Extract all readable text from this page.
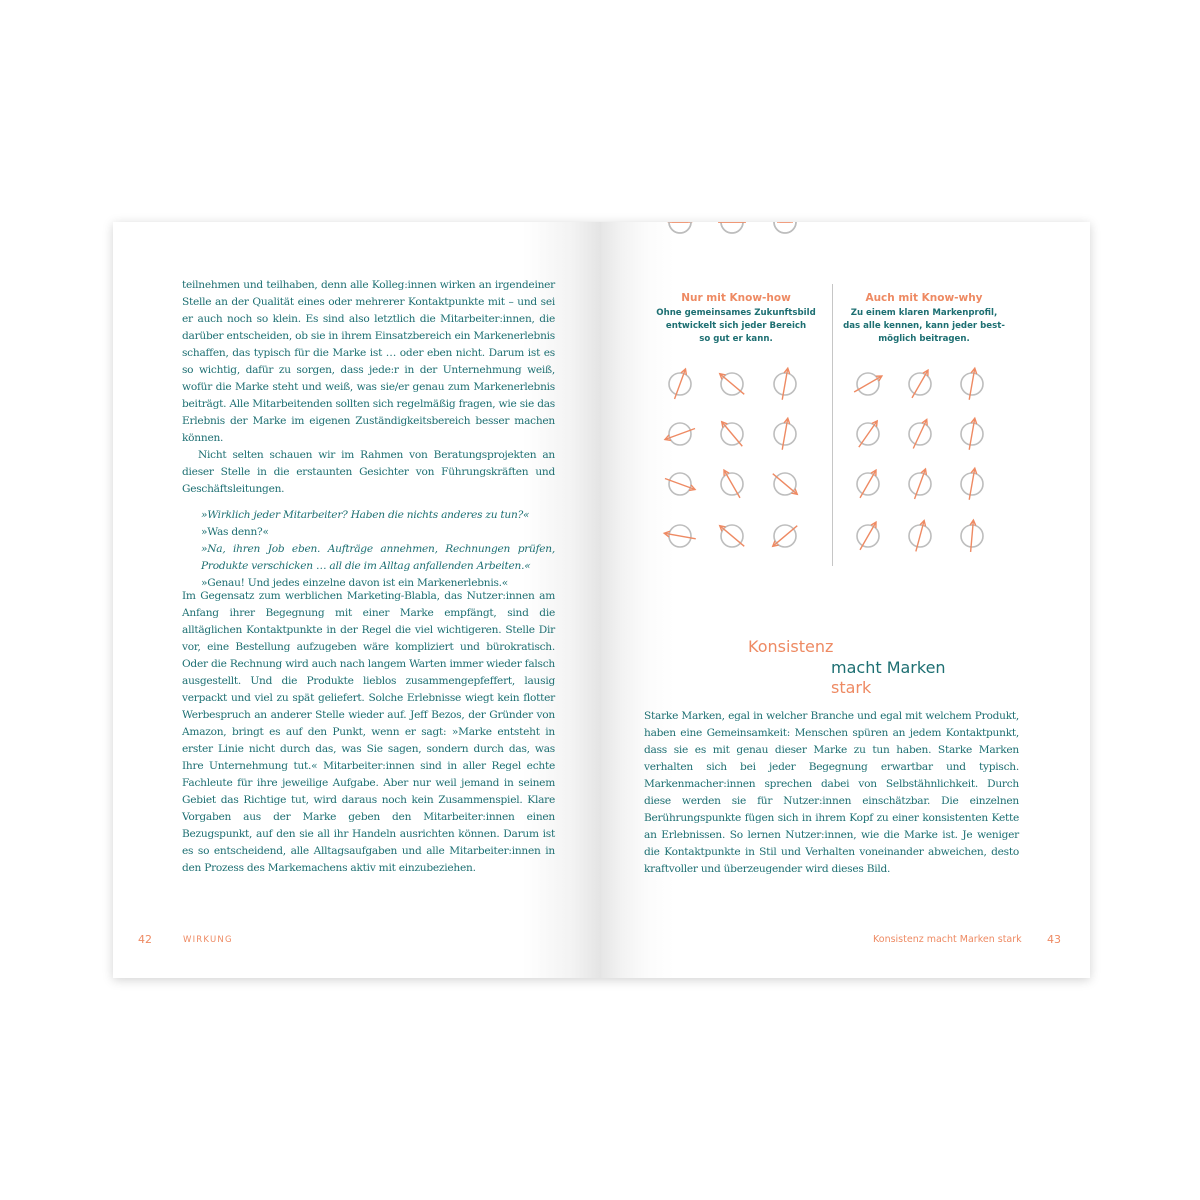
teilnehmen und teilhaben, denn alle Kolleg:innen wirken an irgendeiner Stelle an der Qualität eines oder mehrerer Kontaktpunkte mit – und sei er auch noch so klein. Es sind also letztlich die Mitarbeiter:innen, die darüber entscheiden, ob sie in ihrem Einsatzbereich ein Markenerlebnis schaffen, das typisch für die Marke ist … oder eben nicht. Darum ist es so wichtig, dafür zu sorgen, dass jede:r in der Unternehmung weiß, wofür die Marke steht und weiß, was sie/er genau zum Markenerlebnis beiträgt. Alle Mitarbeitenden sollten sich regelmäßig fragen, wie sie das Erlebnis der Marke im eigenen Zuständigkeitsbereich besser machen können.

Nicht selten schauen wir im Rahmen von Beratungsprojekten an dieser Stelle in die erstaunten Gesichter von Führungskräften und Geschäftsleitungen.

»Wirklich jeder Mitarbeiter? Haben die nichts anderes zu tun?«

»Was denn?«

»Na, ihren Job eben. Aufträge annehmen, Rechnungen prüfen, Produkte verschicken … all die im Alltag anfallenden Arbeiten.«

»Genau! Und jedes einzelne davon ist ein Markenerlebnis.«

Im Gegensatz zum werblichen Marketing-Blabla, das Nutzer:innen am Anfang ihrer Begegnung mit einer Marke empfängt, sind die alltäglichen Kontaktpunkte in der Regel die viel wichtigeren. Stelle Dir vor, eine Bestellung aufzugeben wäre kompliziert und bürokratisch. Oder die Rechnung wird auch nach langem Warten immer wieder falsch ausgestellt. Und die Produkte lieblos zusammengepfeffert, lausig verpackt und viel zu spät geliefert. Solche Erlebnisse wiegt kein flotter Werbespruch an anderer Stelle wieder auf. Jeff Bezos, der Gründer von Amazon, bringt es auf den Punkt, wenn er sagt: »Marke entsteht in erster Linie nicht durch das, was Sie sagen, sondern durch das, was Ihre Unternehmung tut.« Mitarbeiter:innen sind in aller Regel echte Fachleute für ihre jeweilige Aufgabe. Aber nur weil jemand in seinem Gebiet das Richtige tut, wird daraus noch kein Zusammenspiel. Klare Vorgaben aus der Marke geben den Mitarbeiter:innen einen Bezugspunkt, auf den sie all ihr Handeln ausrichten können. Darum ist es so entscheidend, alle Alltagsaufgaben und alle Mitarbeiter:innen in den Prozess des Markemachens aktiv mit einzubeziehen.

42	WIRKUNG
Nur mit Know-how
Ohne gemeinsames Zukunftsbild
entwickelt sich jeder Bereich
so gut er kann.
Auch mit Know-why
Zu einem klaren Markenprofil,
das alle kennen, kann jeder best-
möglich beitragen.
Konsistenz
macht Marken
stark

Starke Marken, egal in welcher Branche und egal mit welchem Produkt, haben eine Gemeinsamkeit: Menschen spüren an jedem Kontaktpunkt, dass sie es mit genau dieser Marke zu tun haben. Starke Marken verhalten sich bei jeder Begegnung erwartbar und typisch. Markenmacher:innen sprechen dabei von Selbstähnlichkeit. Durch diese werden sie für Nutzer:innen einschätzbar. Die einzelnen Berührungspunkte fügen sich in ihrem Kopf zu einer konsistenten Kette an Erlebnissen. So lernen Nutzer:innen, wie die Marke ist. Je weniger die Kontaktpunkte in Stil und Verhalten voneinander abweichen, desto kraftvoller und überzeugender wird dieses Bild.

Konsistenz macht Marken stark 43
